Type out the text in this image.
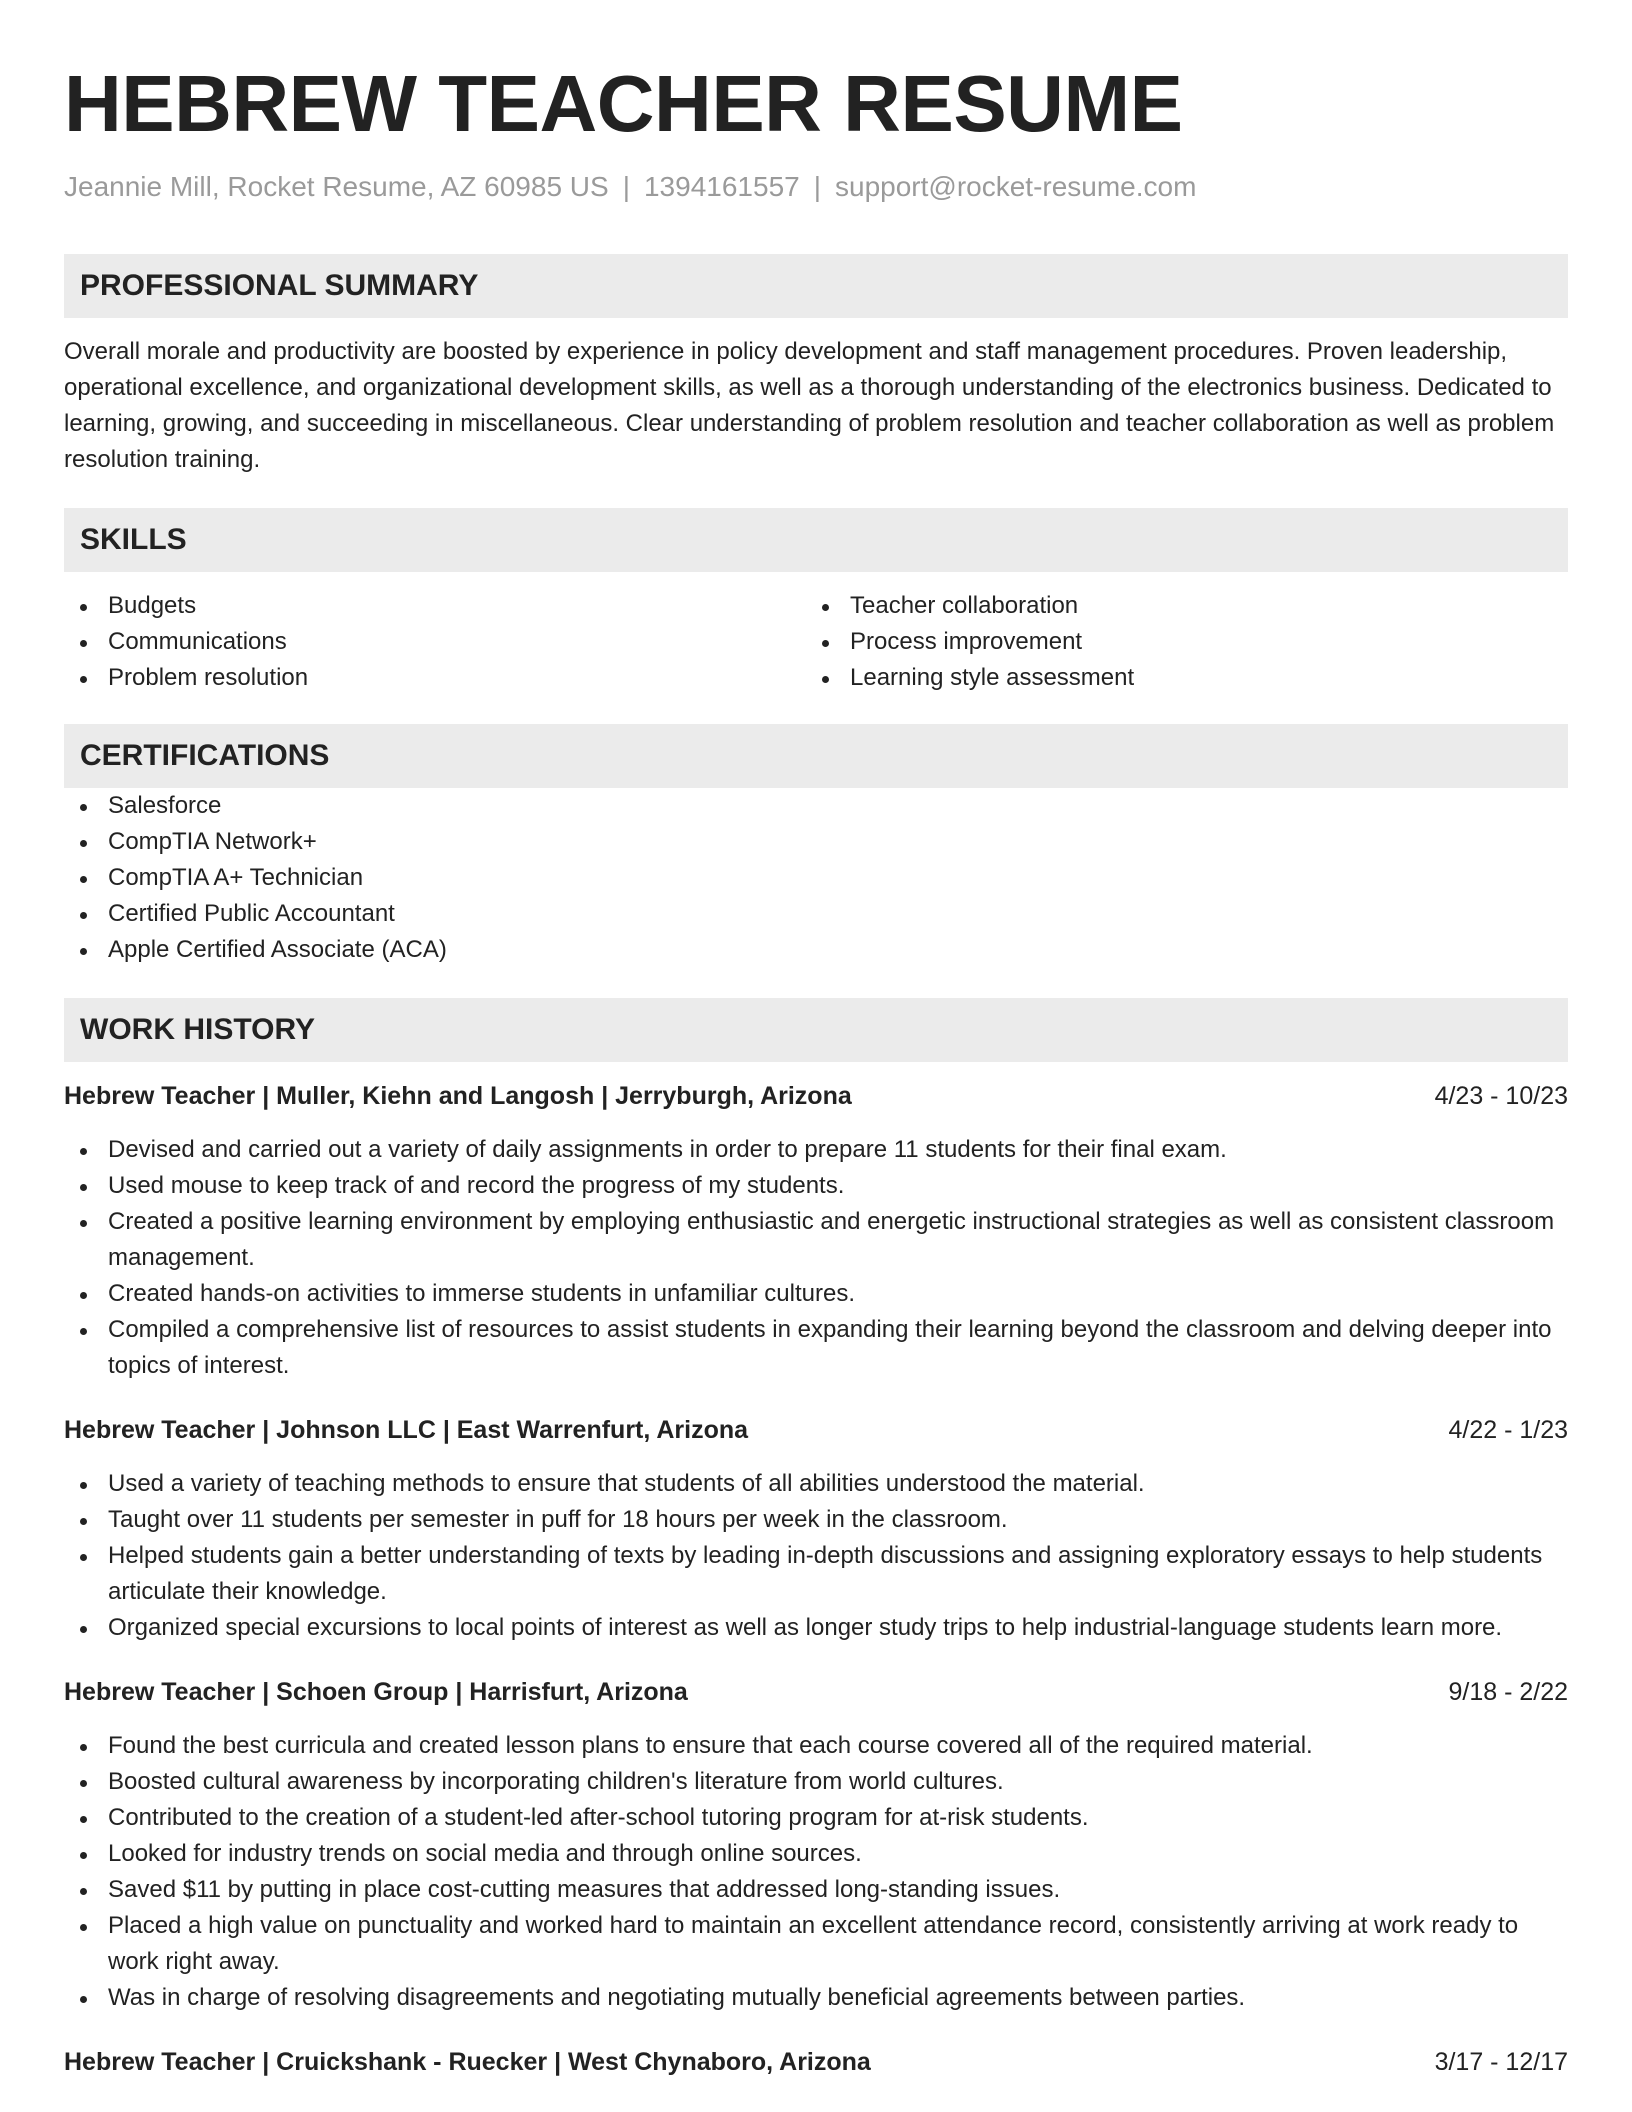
HEBREW TEACHER RESUME
Jeannie Mill, Rocket Resume, AZ 60985 US | 1394161557 | support@rocket-resume.com
PROFESSIONAL SUMMARY
Overall morale and productivity are boosted by experience in policy development and staff management procedures. Proven leadership, operational excellence, and organizational development skills, as well as a thorough understanding of the electronics business. Dedicated to learning, growing, and succeeding in miscellaneous. Clear understanding of problem resolution and teacher collaboration as well as problem resolution training.
SKILLS
Budgets
Communications
Problem resolution
Teacher collaboration
Process improvement
Learning style assessment
CERTIFICATIONS
Salesforce
CompTIA Network+
CompTIA A+ Technician
Certified Public Accountant
Apple Certified Associate (ACA)
WORK HISTORY
Hebrew Teacher | Muller, Kiehn and Langosh | Jerryburgh, Arizona	4/23 - 10/23
Devised and carried out a variety of daily assignments in order to prepare 11 students for their final exam.
Used mouse to keep track of and record the progress of my students.
Created a positive learning environment by employing enthusiastic and energetic instructional strategies as well as consistent classroom management.
Created hands-on activities to immerse students in unfamiliar cultures.
Compiled a comprehensive list of resources to assist students in expanding their learning beyond the classroom and delving deeper into topics of interest.
Hebrew Teacher | Johnson LLC | East Warrenfurt, Arizona	4/22 - 1/23
Used a variety of teaching methods to ensure that students of all abilities understood the material.
Taught over 11 students per semester in puff for 18 hours per week in the classroom.
Helped students gain a better understanding of texts by leading in-depth discussions and assigning exploratory essays to help students articulate their knowledge.
Organized special excursions to local points of interest as well as longer study trips to help industrial-language students learn more.
Hebrew Teacher | Schoen Group | Harrisfurt, Arizona	9/18 - 2/22
Found the best curricula and created lesson plans to ensure that each course covered all of the required material.
Boosted cultural awareness by incorporating children's literature from world cultures.
Contributed to the creation of a student-led after-school tutoring program for at-risk students.
Looked for industry trends on social media and through online sources.
Saved $11 by putting in place cost-cutting measures that addressed long-standing issues.
Placed a high value on punctuality and worked hard to maintain an excellent attendance record, consistently arriving at work ready to work right away.
Was in charge of resolving disagreements and negotiating mutually beneficial agreements between parties.
Hebrew Teacher | Cruickshank - Ruecker | West Chynaboro, Arizona	3/17 - 12/17
